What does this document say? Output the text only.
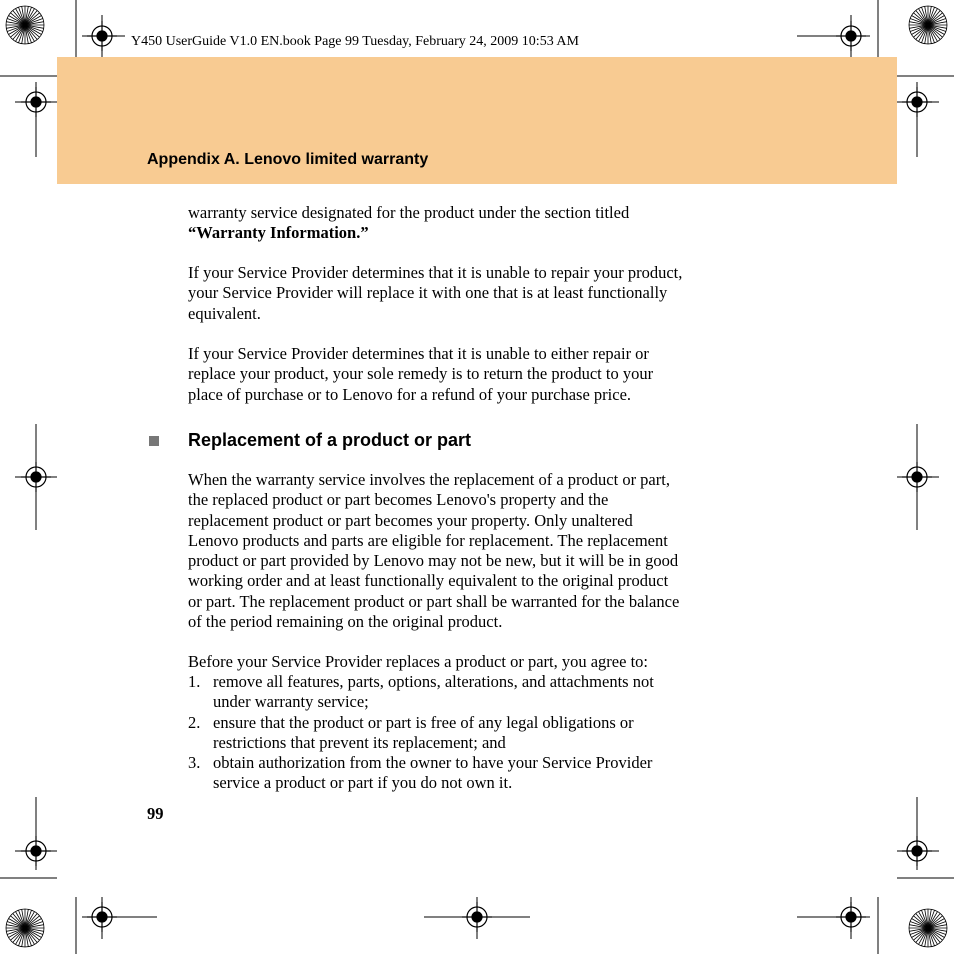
Y450 UserGuide V1.0 EN.book Page 99 Tuesday, February 24, 2009 10:53 AM
Appendix A. Lenovo limited warranty
warranty service designated for the product under the section titled
“Warranty Information.”
If your Service Provider determines that it is unable to repair your product,
your Service Provider will replace it with one that is at least functionally
equivalent.
If your Service Provider determines that it is unable to either repair or
replace your product, your sole remedy is to return the product to your
place of purchase or to Lenovo for a refund of your purchase price.
Replacement of a product or part
When the warranty service involves the replacement of a product or part,
the replaced product or part becomes Lenovo's property and the
replacement product or part becomes your property. Only unaltered
Lenovo products and parts are eligible for replacement. The replacement
product or part provided by Lenovo may not be new, but it will be in good
working order and at least functionally equivalent to the original product
or part. The replacement product or part shall be warranted for the balance
of the period remaining on the original product.
Before your Service Provider replaces a product or part, you agree to:
1. remove all features, parts, options, alterations, and attachments not
under warranty service;
2. ensure that the product or part is free of any legal obligations or
restrictions that prevent its replacement; and
3. obtain authorization from the owner to have your Service Provider
service a product or part if you do not own it.
99
